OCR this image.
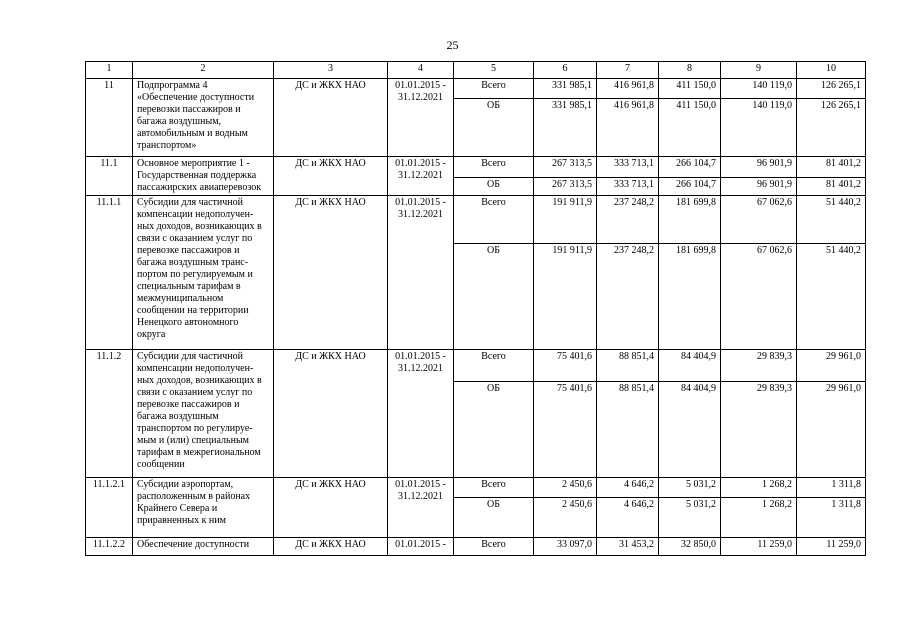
25
1	2	3	4	5	6	7	8	9	10
11	Подпрограмма 4 «Обеспечение доступности перевозки пассажиров и багажа воздушным, автомобильным и водным транспортом»	ДС и ЖКХ НАО	01.01.2015 - 31.12.2021	Всего	331 985,1	416 961,8	411 150,0	140 119,0	126 265,1
				ОБ	331 985,1	416 961,8	411 150,0	140 119,0	126 265,1
11.1	Основное мероприятие 1 - Государственная поддержка пассажирских авиаперевозок	ДС и ЖКХ НАО	01.01.2015 - 31.12.2021	Всего	267 313,5	333 713,1	266 104,7	96 901,9	81 401,2
				ОБ	267 313,5	333 713,1	266 104,7	96 901,9	81 401,2
11.1.1	Субсидии для частичной компенсации недополучен- ных доходов, возникающих в связи с оказанием услуг по перевозке пассажиров и багажа воздушным транс- портом по регулируемым и специальным тарифам в межмуниципальном сообщении на территории Ненецкого автономного округа	ДС и ЖКХ НАО	01.01.2015 - 31.12.2021	Всего	191 911,9	237 248,2	181 699,8	67 062,6	51 440,2
				ОБ	191 911,9	237 248,2	181 699,8	67 062,6	51 440,2
11.1.2	Субсидии для частичной компенсации недополучен- ных доходов, возникающих в связи с оказанием услуг по перевозке пассажиров и багажа воздушным транспортом по регулируе- мым и (или) специальным тарифам в межрегиональном сообщении	ДС и ЖКХ НАО	01.01.2015 - 31.12.2021	Всего	75 401,6	88 851,4	84 404,9	29 839,3	29 961,0
				ОБ	75 401,6	88 851,4	84 404,9	29 839,3	29 961,0
11.1.2.1	Субсидии аэропортам, расположенным в районах Крайнего Севера и приравненных к ним	ДС и ЖКХ НАО	01.01.2015 - 31.12.2021	Всего	2 450,6	4 646,2	5 031,2	1 268,2	1 311,8
				ОБ	2 450,6	4 646,2	5 031,2	1 268,2	1 311,8
11.1.2.2	Обеспечение доступности	ДС и ЖКХ НАО	01.01.2015 -	Всего	33 097,0	31 453,2	32 850,0	11 259,0	11 259,0
